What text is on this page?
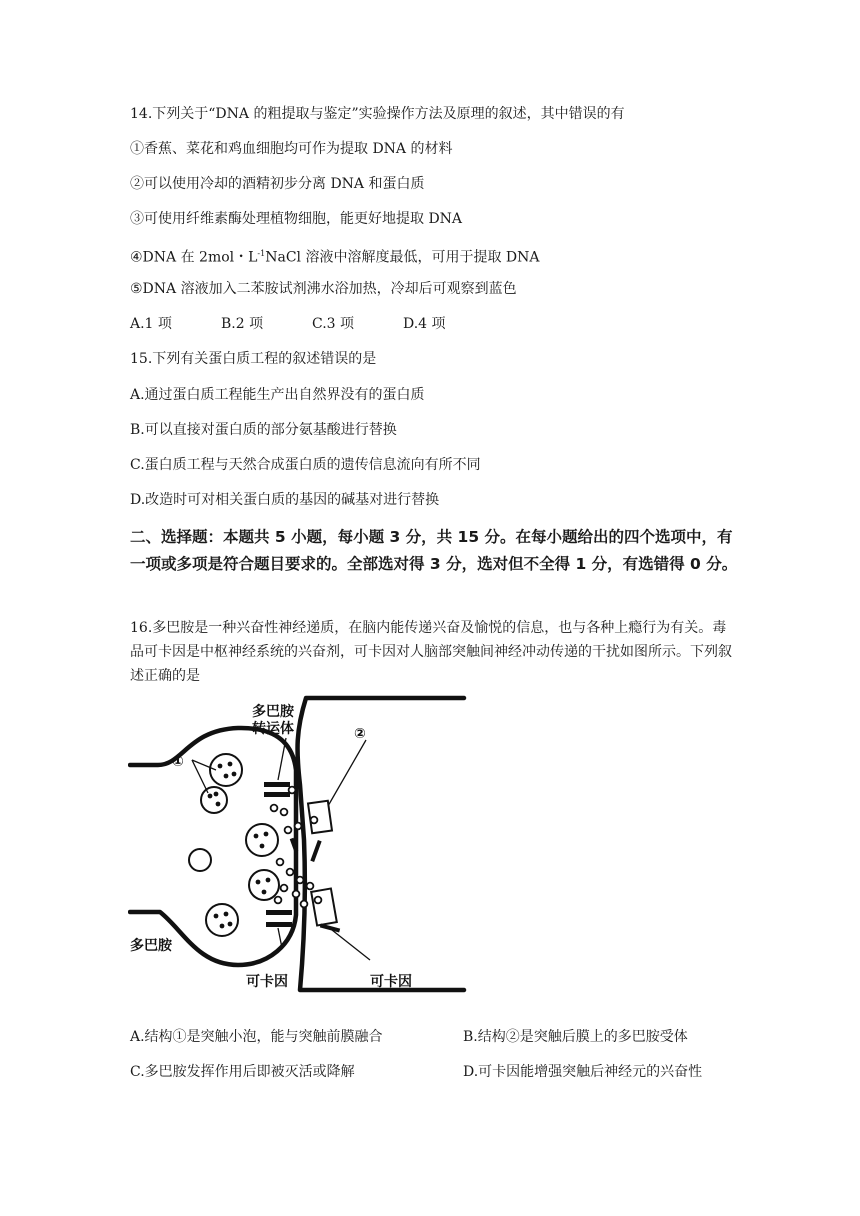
14.下列关于“DNA 的粗提取与鉴定”实验操作方法及原理的叙述，其中错误的有
①香蕉、菜花和鸡血细胞均可作为提取 DNA 的材料
②可以使用冷却的酒精初步分离 DNA 和蛋白质
③可使用纤维素酶处理植物细胞，能更好地提取 DNA
④DNA 在 2mol・$L^{-1}NaCl$ 溶液中溶解度最低，可用于提取 DNA
⑤DNA 溶液加入二苯胺试剂沸水浴加热，冷却后可观察到蓝色
A.1 项	B.2 项	C.3 项	D.4 项
15.下列有关蛋白质工程的叙述错误的是
A.通过蛋白质工程能生产出自然界没有的蛋白质
B.可以直接对蛋白质的部分氨基酸进行替换
C.蛋白质工程与天然合成蛋白质的遗传信息流向有所不同
D.改造时可对相关蛋白质的基因的碱基对进行替换
二、选择题：本题共 5 小题，每小题 3 分，共 15 分。在每小题给出的四个选项中，有一项或多项是符合题目要求的。全部选对得 3 分，选对但不全得 1 分，有选错得 0 分。
16.多巴胺是一种兴奋性神经递质，在脑内能传递兴奋及愉悦的信息，也与各种上瘾行为有关。毒品可卡因是中枢神经系统的兴奋剂，可卡因对人脑部突触间神经冲动传递的干扰如图所示。下列叙述正确的是
多巴胺
转运体
①
②
多巴胺
可卡因	可卡因
A.结构①是突触小泡，能与突触前膜融合	B.结构②是突触后膜上的多巴胺受体
C.多巴胺发挥作用后即被灭活或降解	D.可卡因能增强突触后神经元的兴奋性
